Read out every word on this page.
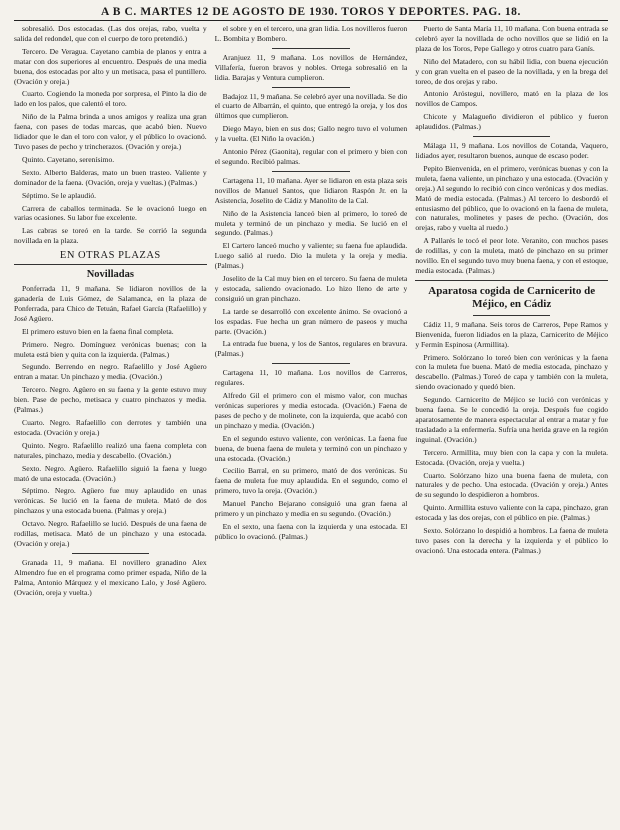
A B C. MARTES 12 DE AGOSTO DE 1930. TOROS Y DEPORTES. PAG. 18.

sobresalió. Dos estocadas. (Las dos orejas, rabo, vuelta y salida del redondel, que con el cuerpo de toro pretendió.)

Tercero. De Veragua. Cayetano cambia de planos y entra a matar con dos superiores al encuentro. Después de una media buena, dos estocadas por alto y un metisaca, pasa el puntillero. (Ovación y oreja.)

Cuarto. Cogiendo la moneda por sorpresa, el Pinto la dio de lado en los palos, que calentó el toro.

Niño de la Palma brinda a unos amigos y realiza una gran faena, con pases de todas marcas, que acabó bien. Nuevo lidiador que le dan el toro con valor, y el público lo ovacionó. Tuvo pases de pecho y trincherazos. (Ovación y oreja.)

Quinto. Cayetano, serenísimo.

Sexto. Alberto Balderas, mato un buen trasteo. Valiente y dominador de la faena. (Ovación, oreja y vueltas.) (Palmas.)

Séptimo. Se le aplaudió.

Carrera de caballos terminada. Se le ovacionó luego en varias ocasiones. Su labor fue excelente.

Las cabras se toreó en la tarde. Se corrió la segunda novillada en la plaza.

EN OTRAS PLAZAS
Novilladas

Ponferrada 11, 9 mañana. Se lidiaron novillos de la ganadería de Luis Gómez, de Salamanca, en la plaza de Ponferrada, para Chico de Tetuán, Rafael García (Rafaelillo) y José Agüero.

El primero estuvo bien en la faena final completa.

Primero. Negro. Domínguez verónicas buenas; con la muleta está bien y quita con la izquierda. (Palmas.)

Segundo. Berrendo en negro. Rafaelillo y José Agüero entran a matar. Un pinchazo y media. (Ovación.)

Tercero. Negro. Agüero en su faena y la gente estuvo muy bien. Pase de pecho, metisaca y cuatro pinchazos y media. (Palmas.)

Cuarto. Negro. Rafaelillo con derrotes y también una estocada. (Ovación y oreja.)

Quinto. Negro. Rafaelillo realizó una faena completa con naturales, pinchazo, media y descabello. (Ovación.)

Sexto. Negro. Agüero. Rafaelillo siguió la faena y luego mató de una estocada. (Ovación.)

Séptimo. Negro. Agüero fue muy aplaudido en unas verónicas. Se lució en la faena de muleta. Mató de dos pinchazos y una estocada buena. (Palmas y oreja.)

Octavo. Negro. Rafaelillo se lució. Después de una faena de rodillas, metisaca. Mató de un pinchazo y una estocada. (Ovación y oreja.)

Granada 11, 9 mañana. El novillero granadino Alex Almendro fue en el programa como primer espada, Niño de la Palma, Antonio Márquez y el mexicano Lalo, y José Agüero. (Ovación, oreja y vuelta.)

el sobre y en el tercero, una gran lidia. Los novilleros fueron L. Bombita y Bombero.

Aranjuez 11, 9 mañana. Los novillos de Hernández, Villafería, fueron bravos y nobles. Ortega sobresalió en la lidia. Barajas y Ventura cumplieron.

Badajoz 11, 9 mañana. Se celebró ayer una novillada. Se dio el cuarto de Albarrán, el quinto, que entregó la oreja, y los dos últimos que cumplieron.

Diego Mayo, bien en sus dos; Gallo negro tuvo el volumen y la vuelta. (El Niño la ovación.)

Antonio Pérez (Gaonita), regular con el primero y bien con el segundo. Recibió palmas.

Cartagena 11, 10 mañana. Ayer se lidiaron en esta plaza seis novillos de Manuel Santos, que lidiaron Raspón Jr. en la Asistencia, Joselito de Cádiz y Manolito de la Cal.

Niño de la Asistencia lanceó bien al primero, lo toreó de muleta y terminó de un pinchazo y media. Se lució en el segundo. (Palmas.)

El Cartero lanceó mucho y valiente; su faena fue aplaudida. Luego salió al ruedo. Dio la muleta y la oreja y media. (Palmas.)

Joselito de la Cal muy bien en el tercero. Su faena de muleta y estocada, saliendo ovacionado. Lo hizo lleno de arte y consiguió un gran pinchazo.

La tarde se desarrolló con excelente ánimo. Se ovacionó a los espadas. Fue hecha un gran número de paseos y mucha parte. (Ovación.)

La entrada fue buena, y los de Santos, regulares en bravura. (Palmas.)

Cartagena 11, 10 mañana. Los novillos de Carreros, regulares.

Alfredo Gil el primero con el mismo valor, con muchas verónicas superiores y media estocada. (Ovación.) Faena de pases de pecho y de molinete, con la izquierda, que acabó con un pinchazo y media. (Ovación.)

En el segundo estuvo valiente, con verónicas. La faena fue buena, de buena faena de muleta y terminó con un pinchazo y una estocada. (Ovación.)

Cecilio Barral, en su primero, mató de dos verónicas. Su faena de muleta fue muy aplaudida. En el segundo, como el primero, tuvo la oreja. (Ovación.)

Manuel Pancho Bejarano consiguió una gran faena al primero y un pinchazo y media en su segundo. (Ovación.)

En el sexto, una faena con la izquierda y una estocada. El público lo ovacionó. (Palmas.)

Puerto de Santa María 11, 10 mañana. Con buena entrada se celebró ayer la novillada de ocho novillos que se lidió en la plaza de los Toros, Pepe Gallego y otros cuatro para Ganís.

Niño del Matadero, con su hábil lidia, con buena ejecución y con gran vuelta en el paseo de la novillada, y en la brega del toreo, de dos orejas y rabo.

Antonio Aróstegui, novillero, mató en la plaza de los novillos de Campos.

Chicote y Malagueño dividieron el público y fueron aplaudidos. (Palmas.)

Málaga 11, 9 mañana. Los novillos de Cotanda, Vaquero, lidiados ayer, resultaron buenos, aunque de escaso poder.

Pepito Bienvenida, en el primero, verónicas buenas y con la muleta, faena valiente, un pinchazo y una estocada. (Ovación y oreja.) Al segundo lo recibió con cinco verónicas y dos medias. Mató de media estocada. (Palmas.) Al tercero lo desbordó el entusiasmo del público, que lo ovacionó en la faena de muleta, con naturales, molinetes y pases de pecho. (Ovación, dos orejas, rabo y vuelta al ruedo.)

A Pallarés le tocó el peor lote. Veranito, con muchos pases de rodillas, y con la muleta, mató de pinchazo en su primer novillo. En el segundo tuvo muy buena faena, y con el estoque, media estocada. (Palmas.)

Aparatosa cogida de Carnicerito de Méjico, en Cádiz

Cádiz 11, 9 mañana. Seis toros de Carreros, Pepe Ramos y Bienvenida, fueron lidiados en la plaza, Carnicerito de Méjico y Fermín Espinosa (Armillita).

Primero. Solórzano lo toreó bien con verónicas y la faena con la muleta fue buena. Mató de media estocada, pinchazo y descabello. (Palmas.) Toreó de capa y también con la muleta, siendo ovacionado y quedó bien.

Segundo. Carnicerito de Méjico se lució con verónicas y buena faena. Se le concedió la oreja. Después fue cogido aparatosamente de manera espectacular al entrar a matar y fue trasladado a la enfermería. Sufría una herida grave en la región inguinal. (Ovación.)

Tercero. Armillita, muy bien con la capa y con la muleta. Estocada. (Ovación, oreja y vuelta.)

Cuarto. Solórzano hizo una buena faena de muleta, con naturales y de pecho. Una estocada. (Ovación y oreja.) Antes de su segundo lo despidieron a hombros.

Quinto. Armillita estuvo valiente con la capa, pinchazo, gran estocada y las dos orejas, con el público en pie. (Palmas.)

Sexto. Solórzano lo despidió a hombros. La faena de muleta tuvo pases con la derecha y la izquierda y el público lo ovacionó. Una estocada entera. (Palmas.)
